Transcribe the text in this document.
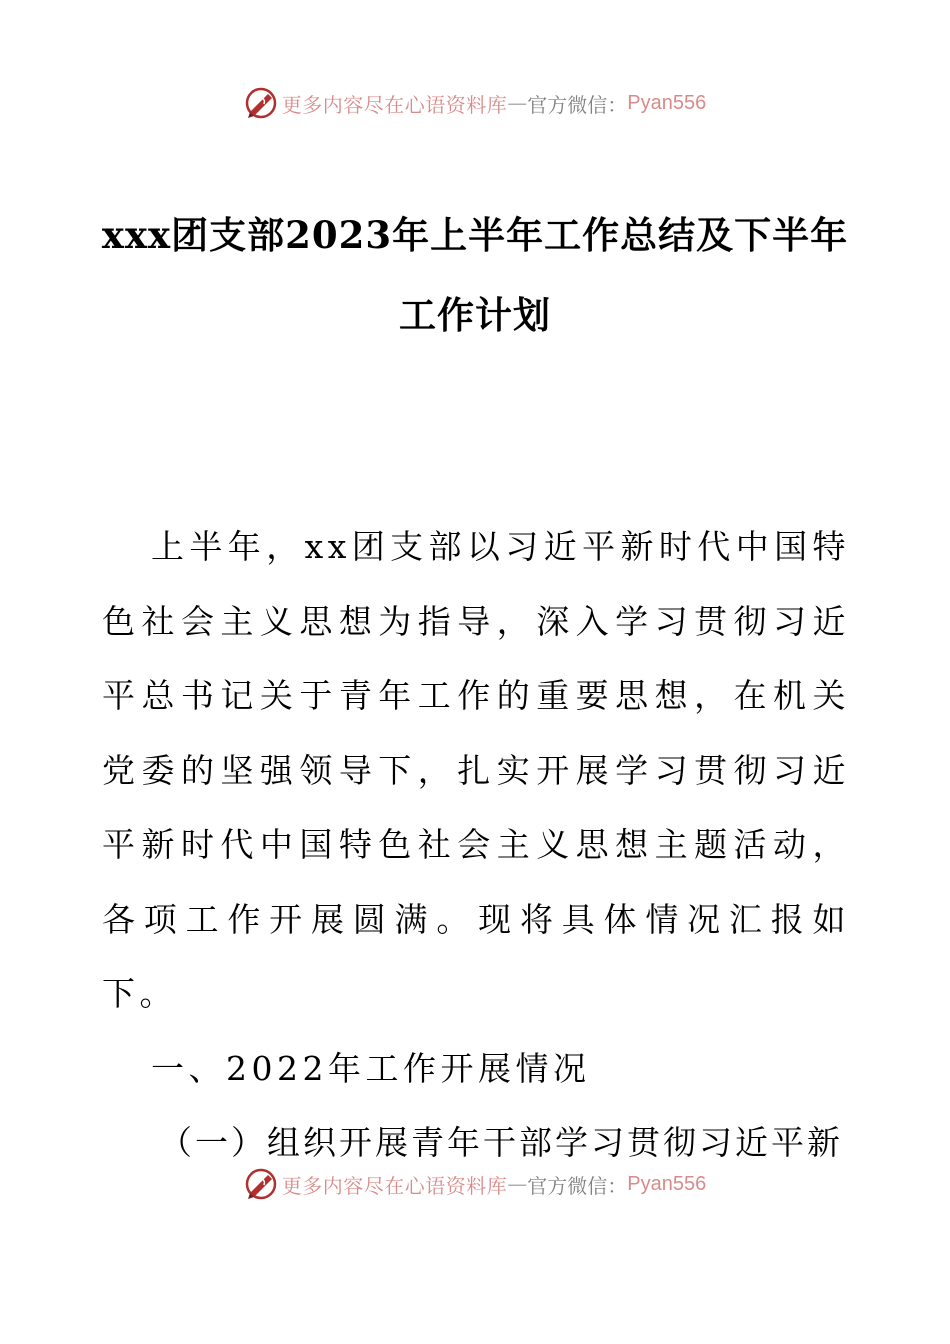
更多内容尽在心语资料库 — 官方微信： Pyan556
xxx团支部2023年上半年工作总结及下半年工作计划

上半年，xx团支部以习近平新时代中国特色社会主义思想为指导，深入学习贯彻习近平总书记关于青年工作的重要思想，在机关党委的坚强领导下，扎实开展学习贯彻习近平新时代中国特色社会主义思想主题活动，各项工作开展圆满。现将具体情况汇报如下。

一、2022年工作开展情况

（一）组织开展青年干部学习贯彻习近平新

更多内容尽在心语资料库 — 官方微信： Pyan556
